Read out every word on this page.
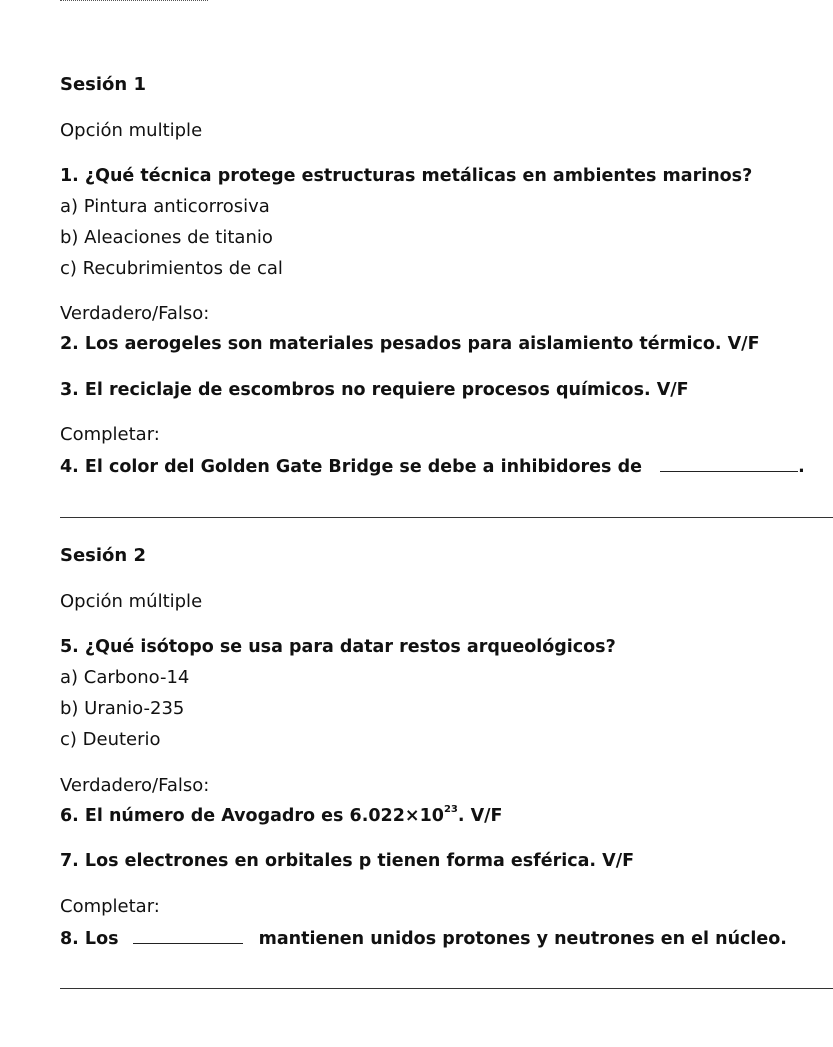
Sesión 1
Opción multiple
1. ¿Qué técnica protege estructuras metálicas en ambientes marinos?
a) Pintura anticorrosiva
b) Aleaciones de titanio
c) Recubrimientos de cal
Verdadero/Falso:
2. Los aerogeles son materiales pesados para aislamiento térmico. V/F
3. El reciclaje de escombros no requiere procesos químicos. V/F
Completar:
4. El color del Golden Gate Bridge se debe a inhibidores de	.
Sesión 2
Opción múltiple
5. ¿Qué isótopo se usa para datar restos arqueológicos?
a) Carbono-14
b) Uranio-235
c) Deuterio
Verdadero/Falso:
6. El número de Avogadro es $6.022\times 10^{23}$. V/F
7. Los electrones en orbitales p tienen forma esférica. V/F
Completar:
8. Los	mantienen unidos protones y neutrones en el núcleo.
